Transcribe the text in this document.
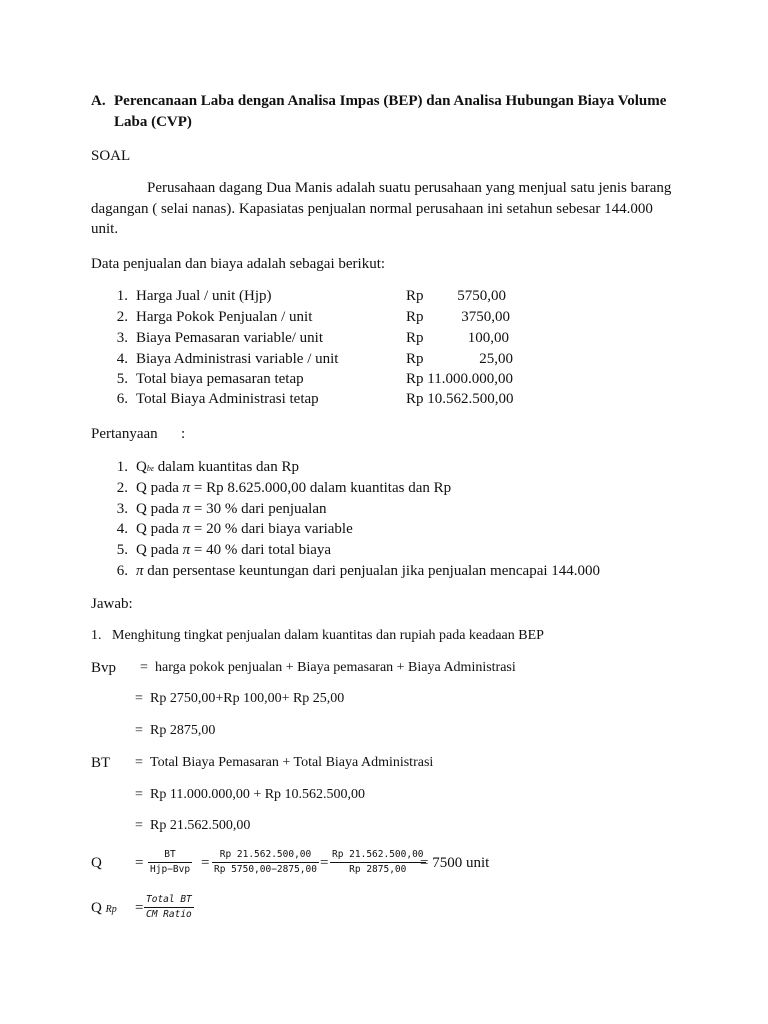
A. Perencanaan Laba dengan Analisa Impas (BEP) dan Analisa Hubungan Biaya Volume
Laba (CVP)
SOAL
Perusahaan dagang Dua Manis adalah suatu perusahaan yang menjual satu jenis barang
dagangan ( selai nanas). Kapasiatas penjualan normal perusahaan ini setahun sebesar 144.000
unit.
Data penjualan dan biaya adalah sebagai berikut:
1. Harga Jual / unit (Hjp)	Rp	5750,00
2. Harga Pokok Penjualan / unit	Rp	3750,00
3. Biaya Pemasaran variable/ unit	Rp	100,00
4. Biaya Administrasi variable / unit	Rp	25,00
5. Total biaya pemasaran tetap	Rp 11.000.000,00
6. Total Biaya Administrasi tetap	Rp 10.562.500,00
Pertanyaan :
1. Qbε dalam kuantitas dan Rp
2. Q pada π = Rp 8.625.000,00 dalam kuantitas dan Rp
3. Q pada π = 30 % dari penjualan
4. Q pada π = 20 % dari biaya variable
5. Q pada π = 40 % dari total biaya
6. π dan persentase keuntungan dari penjualan jika penjualan mencapai 144.000
Jawab:
1.   Menghitung tingkat penjualan dalam kuantitas dan rupiah pada keadaan BEP
Bvp = harga pokok penjualan + Biaya pemasaran + Biaya Administrasi
= Rp 2750,00+Rp 100,00+ Rp 25,00
= Rp 2875,00
BT = Total Biaya Pemasaran + Total Biaya Administrasi
= Rp 11.000.000,00 + Rp 10.562.500,00
= Rp 21.562.500,00
Q =
BT
$Hjp-Bvp = \frac{Rp 21.562.500,00}{Rp 5750,00-2875,00} = \frac{Rp 21.562.500,00}{Rp 2875,00}$
= 7500 unit
Q Rp =
Total BT
CM Ratio
